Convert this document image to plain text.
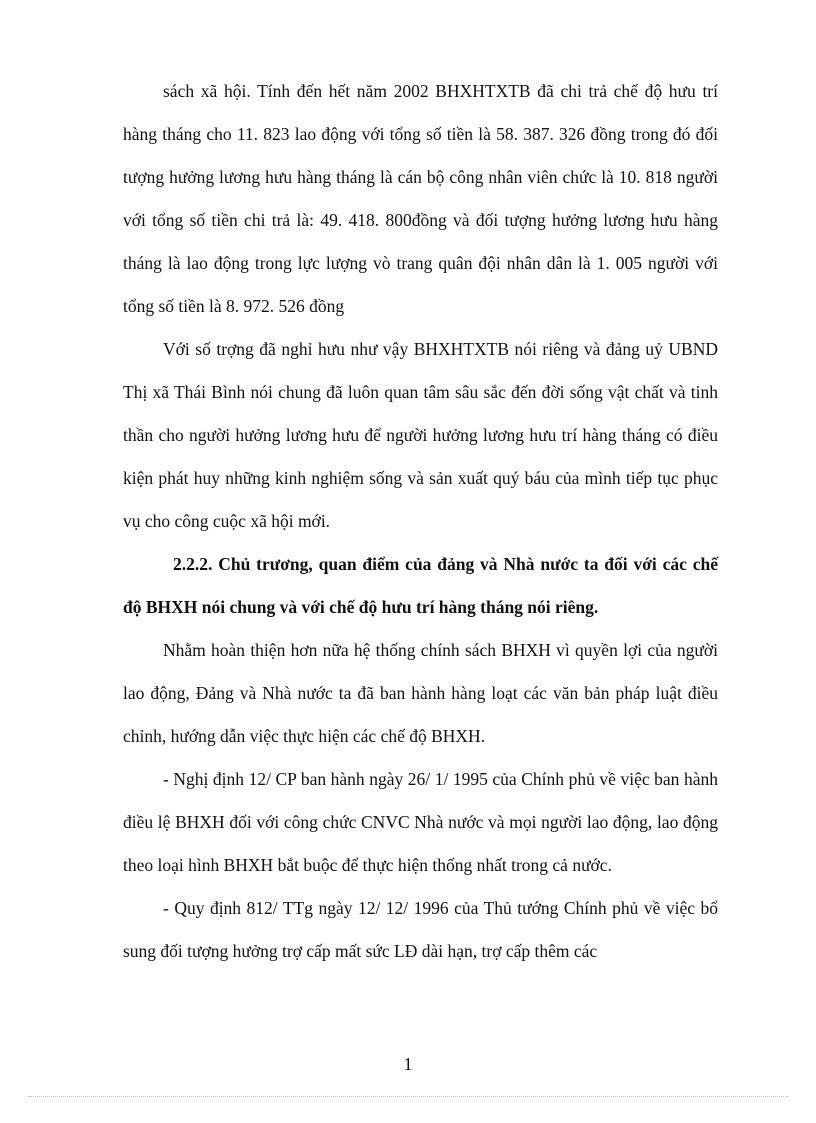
sách xã hội. Tính đến hết năm 2002 BHXHTXTB đã chi trả chế độ hưu trí hàng tháng cho 11. 823 lao động với tổng số tiền là 58. 387. 326 đồng trong đó đối tượng hưởng lương hưu hàng tháng là cán bộ công nhân viên chức là 10. 818 người với tổng số tiền chi trả là: 49. 418. 800đồng và đối tượng hưởng lương hưu hàng tháng là lao động trong lực lượng vò trang quân đội nhân dân là 1. 005 người với tổng số tiền là 8. 972. 526 đồng

Với số trợng đã nghỉ hưu như vậy BHXHTXTB nói riêng và đảng uỷ UBND Thị xã Thái Bình nói chung đã luôn quan tâm sâu sắc đến đời sống vật chất và tinh thần cho người hưởng lương hưu để người hưởng lương hưu trí hàng tháng có điều kiện phát huy những kinh nghiệm sống và sản xuất quý báu của mình tiếp tục phục vụ cho công cuộc xã hội mới.

2.2.2. Chủ trương, quan điểm của đảng và Nhà nước ta đối với các chế độ BHXH nói chung và với chế độ hưu trí hàng tháng nói riêng.

Nhằm hoàn thiện hơn nữa hệ thống chính sách BHXH vì quyền lợi của người lao động, Đảng và Nhà nước ta đã ban hành hàng loạt các văn bản pháp luật điều chỉnh, hướng dẫn việc thực hiện các chế độ BHXH.

- Nghị định 12/ CP ban hành ngày 26/ 1/ 1995 của Chính phủ về việc ban hành điều lệ BHXH đối với công chức CNVC Nhà nước và mọi người lao động, lao động theo loại hình BHXH bắt buộc để thực hiện thống nhất trong cả nước.

- Quy định 812/ TTg ngày 12/ 12/ 1996 của Thủ tướng Chính phủ về việc bổ sung đối tượng hưởng trợ cấp mất sức LĐ dài hạn, trợ cấp thêm các

1
